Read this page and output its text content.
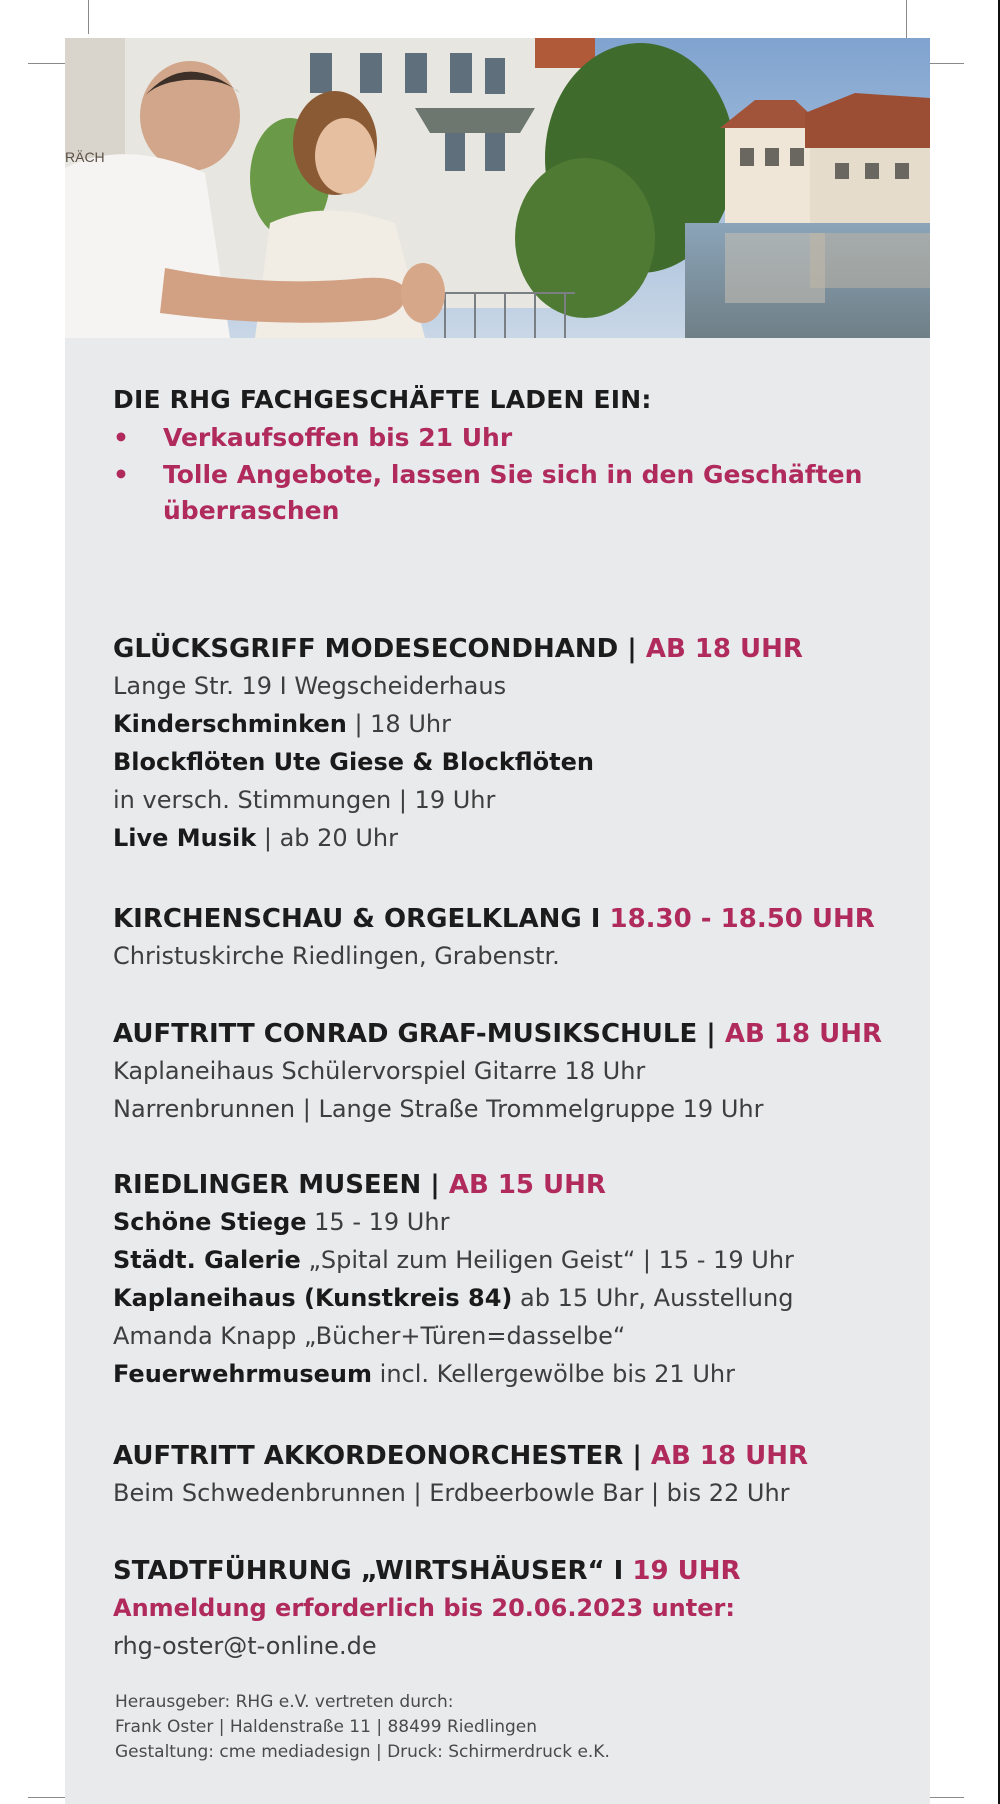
RÄCH

DIE RHG FACHGESCHÄFTE LADEN EIN:

• Verkaufsoffen bis 21 Uhr
• Tolle Angebote, lassen Sie sich in den Geschäften
überraschen
GLÜCKSGRIFF MODESECONDHAND | AB 18 UHR
Lange Str. 19 I Wegscheiderhaus
Kinderschminken | 18 Uhr
Blockflöten Ute Giese & Blockflöten
in versch. Stimmungen | 19 Uhr
Live Musik | ab 20 Uhr
KIRCHENSCHAU & ORGELKLANG I 18.30 - 18.50 UHR
Christuskirche Riedlingen, Grabenstr.
AUFTRITT CONRAD GRAF-MUSIKSCHULE | AB 18 UHR
Kaplaneihaus Schülervorspiel Gitarre 18 Uhr
Narrenbrunnen | Lange Straße Trommelgruppe 19 Uhr
RIEDLINGER MUSEEN | AB 15 UHR
Schöne Stiege 15 - 19 Uhr
Städt. Galerie „Spital zum Heiligen Geist“ | 15 - 19 Uhr
Kaplaneihaus (Kunstkreis 84) ab 15 Uhr, Ausstellung
Amanda Knapp „Bücher+Türen=dasselbe“
Feuerwehrmuseum incl. Kellergewölbe bis 21 Uhr
AUFTRITT AKKORDEONORCHESTER | AB 18 UHR
Beim Schwedenbrunnen | Erdbeerbowle Bar | bis 22 Uhr
STADTFÜHRUNG „WIRTSHÄUSER“ I 19 UHR
Anmeldung erforderlich bis 20.06.2023 unter:
rhg-oster@t-online.de
Herausgeber: RHG e.V. vertreten durch:
Frank Oster | Haldenstraße 11 | 88499 Riedlingen
Gestaltung: cme mediadesign | Druck: Schirmerdruck e.K.
